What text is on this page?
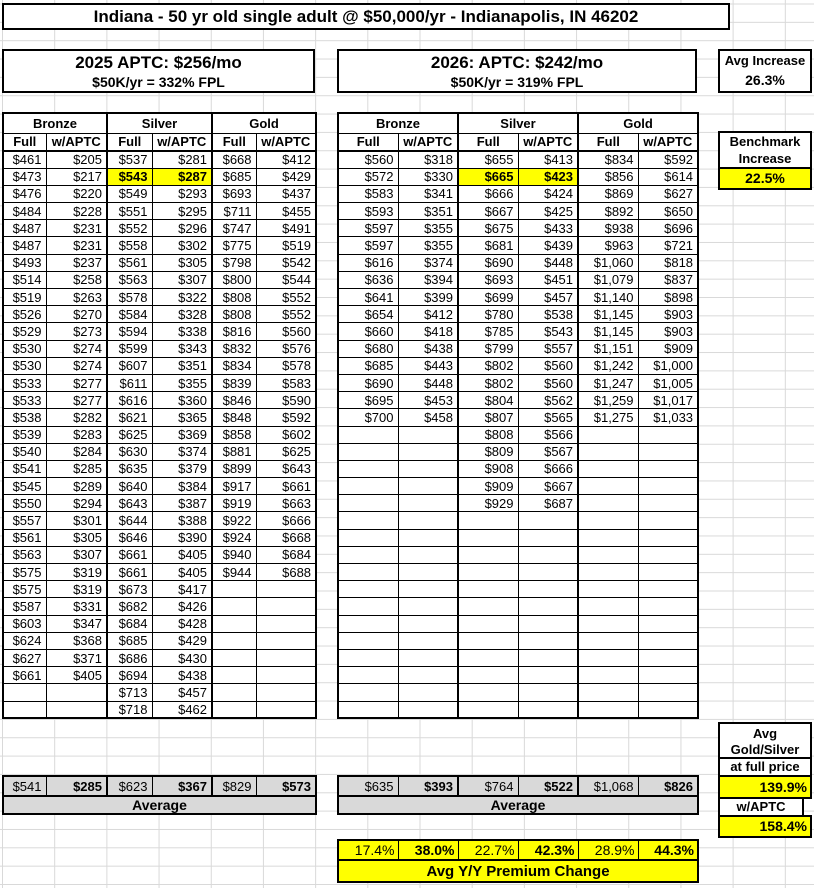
Indiana - 50 yr old single adult @ $50,000/yr - Indianapolis, IN 46202
2025 APTC: $256/mo
$50K/yr = 332% FPL
2026: APTC: $242/mo
$50K/yr = 319% FPL
Avg Increase
26.3%
Benchmark
Increase
22.5%
Bronze		Silver		Gold	
Full	w/APTC	Full	w/APTC	Full	w/APTC
$461	$205	$537	$281	$668	$412
$473	$217	$543	$287	$685	$429
$476	$220	$549	$293	$693	$437
$484	$228	$551	$295	$711	$455
$487	$231	$552	$296	$747	$491
$487	$231	$558	$302	$775	$519
$493	$237	$561	$305	$798	$542
$514	$258	$563	$307	$800	$544
$519	$263	$578	$322	$808	$552
$526	$270	$584	$328	$808	$552
$529	$273	$594	$338	$816	$560
$530	$274	$599	$343	$832	$576
$530	$274	$607	$351	$834	$578
$533	$277	$611	$355	$839	$583
$533	$277	$616	$360	$846	$590
$538	$282	$621	$365	$848	$592
$539	$283	$625	$369	$858	$602
$540	$284	$630	$374	$881	$625
$541	$285	$635	$379	$899	$643
$545	$289	$640	$384	$917	$661
$550	$294	$643	$387	$919	$663
$557	$301	$644	$388	$922	$666
$561	$305	$646	$390	$924	$668
$563	$307	$661	$405	$940	$684
$575	$319	$661	$405	$944	$688
$575	$319	$673	$417		
$587	$331	$682	$426		
$603	$347	$684	$428		
$624	$368	$685	$429		
$627	$371	$686	$430		
$661	$405	$694	$438		
		$713	$457		
		$718	$462		
Bronze		Silver		Gold	
Full	w/APTC	Full	w/APTC	Full	w/APTC
$560	$318	$655	$413	$834	$592
$572	$330	$665	$423	$856	$614
$583	$341	$666	$424	$869	$627
$593	$351	$667	$425	$892	$650
$597	$355	$675	$433	$938	$696
$597	$355	$681	$439	$963	$721
$616	$374	$690	$448	$1,060	$818
$636	$394	$693	$451	$1,079	$837
$641	$399	$699	$457	$1,140	$898
$654	$412	$780	$538	$1,145	$903
$660	$418	$785	$543	$1,145	$903
$680	$438	$799	$557	$1,151	$909
$685	$443	$802	$560	$1,242	$1,000
$690	$448	$802	$560	$1,247	$1,005
$695	$453	$804	$562	$1,259	$1,017
$700	$458	$807	$565	$1,275	$1,033
		$808	$566		
		$809	$567		
		$908	$666		
		$909	$667		
		$929	$687		

$541	$285	$623	$367	$829	$573
Average
$635	$393	$764	$522	$1,068	$826
Average
17.4%	38.0%	22.7%	42.3%	28.9%	44.3%
Avg Y/Y Premium Change
Avg
Gold/Silver
at full price
139.9%
w/APTC
158.4%
